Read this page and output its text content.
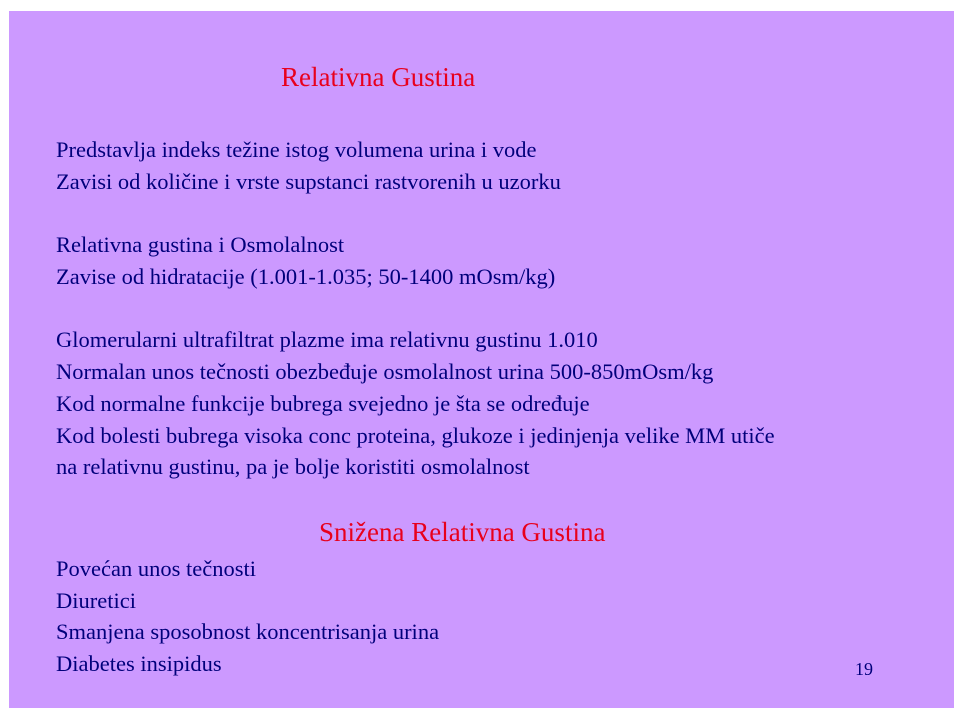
Relativna Gustina
Predstavlja indeks težine istog volumena urina i vode
Zavisi od količine i vrste supstanci rastvorenih u uzorku
Relativna gustina i Osmolalnost
Zavise od hidratacije (1.001-1.035; 50-1400 mOsm/kg)
Glomerularni ultrafiltrat plazme ima relativnu gustinu 1.010
Normalan unos tečnosti obezbeđuje osmolalnost urina 500-850mOsm/kg
Kod normalne funkcije bubrega svejedno je šta se određuje
Kod bolesti bubrega visoka conc proteina, glukoze i jedinjenja velike MM utiče
na relativnu gustinu, pa je bolje koristiti osmolalnost
Snižena Relativna Gustina
Povećan unos tečnosti
Diuretici
Smanjena sposobnost koncentrisanja urina
Diabetes insipidus	19
